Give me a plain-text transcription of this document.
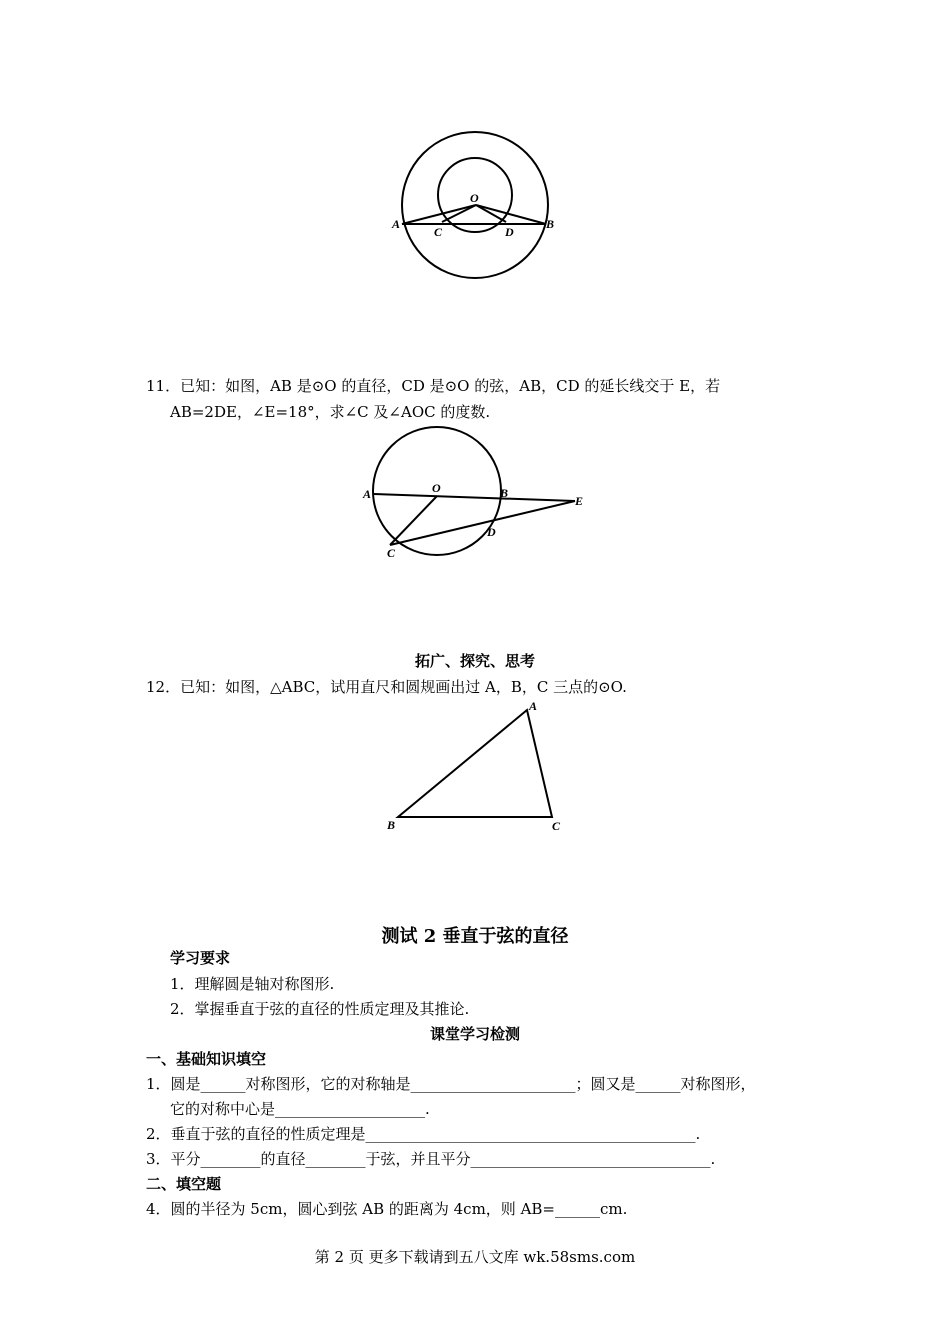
O
A	B
C	D
11．已知：如图，AB 是⊙O 的直径，CD 是⊙O 的弦，AB，CD 的延长线交于 E，若
AB=2DE，∠E=18°，求∠C 及∠AOC 的度数.
A	O	B
E
C
D
拓广、探究、思考
12．已知：如图，△ABC，试用直尺和圆规画出过 A，B，C 三点的⊙O.
A
B	C
测试 2 垂直于弦的直径
学习要求
1．理解圆是轴对称图形.
2．掌握垂直于弦的直径的性质定理及其推论.
课堂学习检测
一、基础知识填空
1．圆是______对称图形，它的对称轴是______________________；圆又是______对称图形，
它的对称中心是____________________.
2．垂直于弦的直径的性质定理是____________________________________________.
3．平分________的直径________于弦，并且平分________________________________.
二、填空题
4．圆的半径为 5cm，圆心到弦 AB 的距离为 4cm，则 AB=______cm.
第 2 页 更多下载请到五八文库 wk.58sms.com
